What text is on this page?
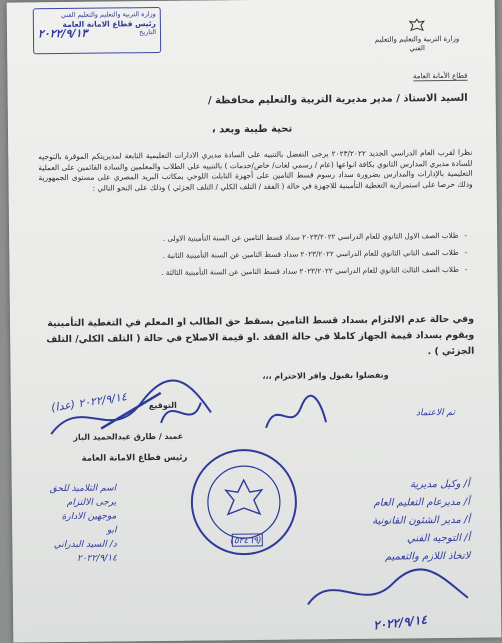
وزارة التربية والتعليم والتعليم الفني
رئيس قطاع الامانة العامة
التاريخ
٢٠٢٢/٩/١٣	وزارة التربية والتعليم والتعليم الفني
قطاع الأمانة العامة
السيد الاستاذ / مدير مديرية التربية والتعليم محافظة /
تحية طيبة وبعد ،
نظرا لقرب العام الدراسي الجديد ٢٠٢٣/٢٠٢٢ يرجى التفضل بالتنبيه على السادة مديري الادارات التعليمية التابعة لمديريتكم الموقرة بالتوجيه للسادة مديري المدارس الثانوي بكافة انواعها (عام / رسمي لغات/ خاص/خدمات ) بالتنبيه على الطلاب والمعلمين والسادة القائمين على العملية التعليمية بالإدارات والمدارس بضرورة سداد رسوم قسط التامين على أجهزة التابلت اللوحي بمكاتب البريد المصري على مستوى الجمهورية وذلك حرصا على استمرارية التغطية التأمينية للاجهزة في حالة ( الفقد / التلف الكلي / التلف الجزئي ) وذلك على النحو التالي :
-
طلاب الصف الاول الثانوي للعام الدراسي ٢٠٢٣/٢٠٢٢ سداد قسط التامين عن السنة التأمينية الاولى .
-
طلاب الصف الثاني الثانوي للعام الدراسي ٢٠٢٣/٢٠٢٢ سداد قسط التامين عن السنة التأمينية الثانية .
-
طلاب الصف الثالث الثانوي للعام الدراسي ٢٠٢٣/٢٠٢٢ سداد قسط التامين عن السنة التأمينية الثالثة .
وفي حالة عدم الالتزام بسداد قسط التامين يسقط حق الطالب او المعلم في التغطية التأمينية ويقوم بسداد قيمة الجهاز كاملا في حالة الفقد .او قيمة الاصلاح في حالة ( التلف الكلي/ التلف الجزئي ) .
وتفضلوا بقبول وافر الاحترام ،،،
التوقيع
عميد / طارق عبدالحميد الباز
رئيس قطاع الامانة العامة
٢٠٢٢/٩/١٤ (عدا)
تم الاعتماد
(٥٣٤٦٩)
أ/ وكيل مديرية
أ/ مديرعام التعليم العام
أ/ مدير الشئون القانونية
أ/ التوجيه الفني
لاتخاذ اللازم والتعميم
اسم التلاميذ للحق
يرجى الالتزام
موجهين الادارة
ابو
د/ السيد البدراني
٢٠٢٢/٩/١٤
٢٠٢٢/٩/١٤
